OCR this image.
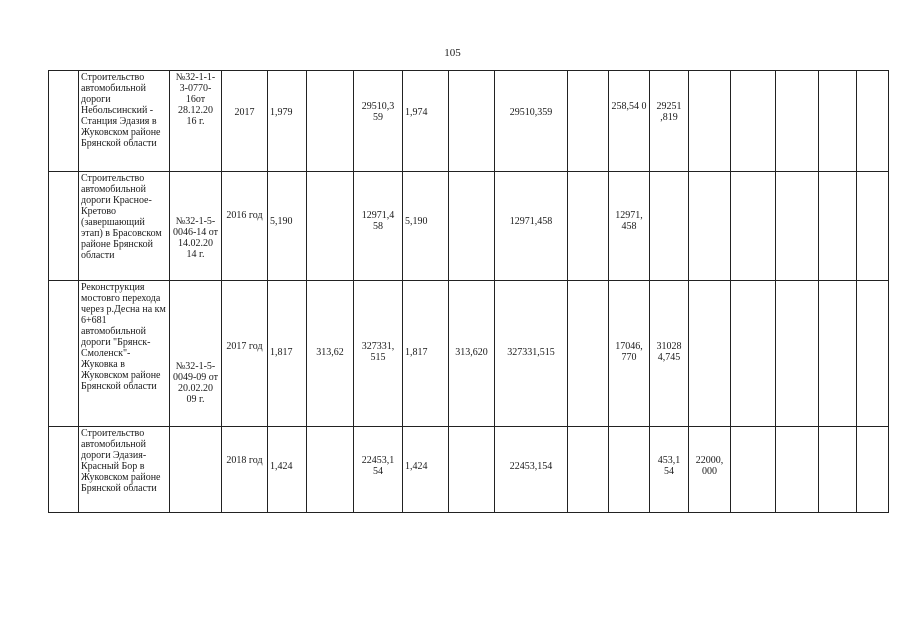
105
	Строительство автомобильной дороги Небольсинский - Станция Эдазия в Жуковском районе Брянской области	№32-1-1-3-0770-16от 28.12.20 16 г.	2017	1,979		29510,3 59	1,974		29510,359		258,54 0	29251 ,819					
	Строительство автомобильной дороги Красное-Кретово (завершающий этап) в Брасовском районе Брянской области	№32-1-5-0046-14 от 14.02.20 14 г.	2016 год	5,190		12971,4 58	5,190		12971,458		12971, 458						
	Реконструкция мостовго перехода через р.Десна на км 6+681 автомобильной дороги "Брянск-Смоленск"-Жуковка в Жуковском районе Брянской области	№32-1-5-0049-09 от 20.02.20 09 г.	2017 год	1,817	313,62	327331, 515	1,817	313,620	327331,515		17046, 770	31028 4,745					
	Строительство автомобильной дороги Эдазия-Красный Бор в Жуковском районе Брянской области		2018 год	1,424		22453,1 54	1,424		22453,154			453,1 54	22000, 000				
